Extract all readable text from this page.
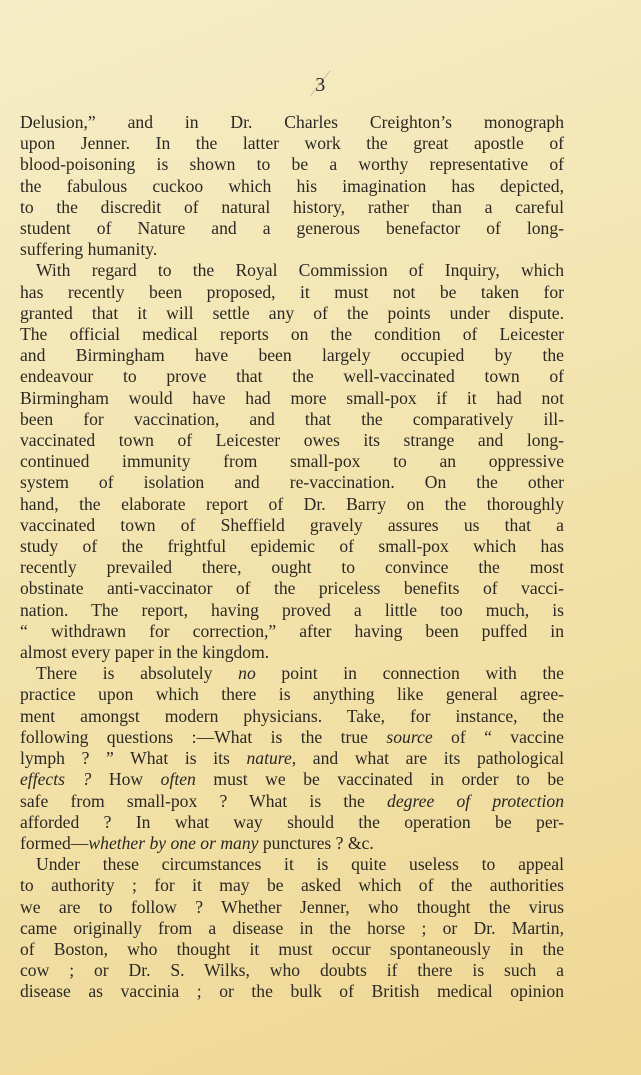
3
Delusion,” and in Dr. Charles Creighton’s monograph
upon Jenner. In the latter work the great apostle of
blood-poisoning is shown to be a worthy representative of
the fabulous cuckoo which his imagination has depicted,
to the discredit of natural history, rather than a careful
student of Nature and a generous benefactor of long-
suffering humanity.
With regard to the Royal Commission of Inquiry, which
has recently been proposed, it must not be taken for
granted that it will settle any of the points under dispute.
The official medical reports on the condition of Leicester
and Birmingham have been largely occupied by the
endeavour to prove that the well-vaccinated town of
Birmingham would have had more small-pox if it had not
been for vaccination, and that the comparatively ill-
vaccinated town of Leicester owes its strange and long-
continued immunity from small-pox to an oppressive
system of isolation and re-vaccination. On the other
hand, the elaborate report of Dr. Barry on the thoroughly
vaccinated town of Sheffield gravely assures us that a
study of the frightful epidemic of small-pox which has
recently prevailed there, ought to convince the most
obstinate anti-vaccinator of the priceless benefits of vacci-
nation. The report, having proved a little too much, is
“ withdrawn for correction,” after having been puffed in
almost every paper in the kingdom.
There is absolutely no point in connection with the
practice upon which there is anything like general agree-
ment amongst modern physicians. Take, for instance, the
following questions :—What is the true source of “ vaccine
lymph ? ” What is its nature, and what are its pathological
effects ? How often must we be vaccinated in order to be
safe from small-pox ? What is the degree of protection
afforded ? In what way should the operation be per-
formed—whether by one or many punctures ? &c.
Under these circumstances it is quite useless to appeal
to authority ; for it may be asked which of the authorities
we are to follow ? Whether Jenner, who thought the virus
came originally from a disease in the horse ; or Dr. Martin,
of Boston, who thought it must occur spontaneously in the
cow ; or Dr. S. Wilks, who doubts if there is such a
disease as vaccinia ; or the bulk of British medical opinion
